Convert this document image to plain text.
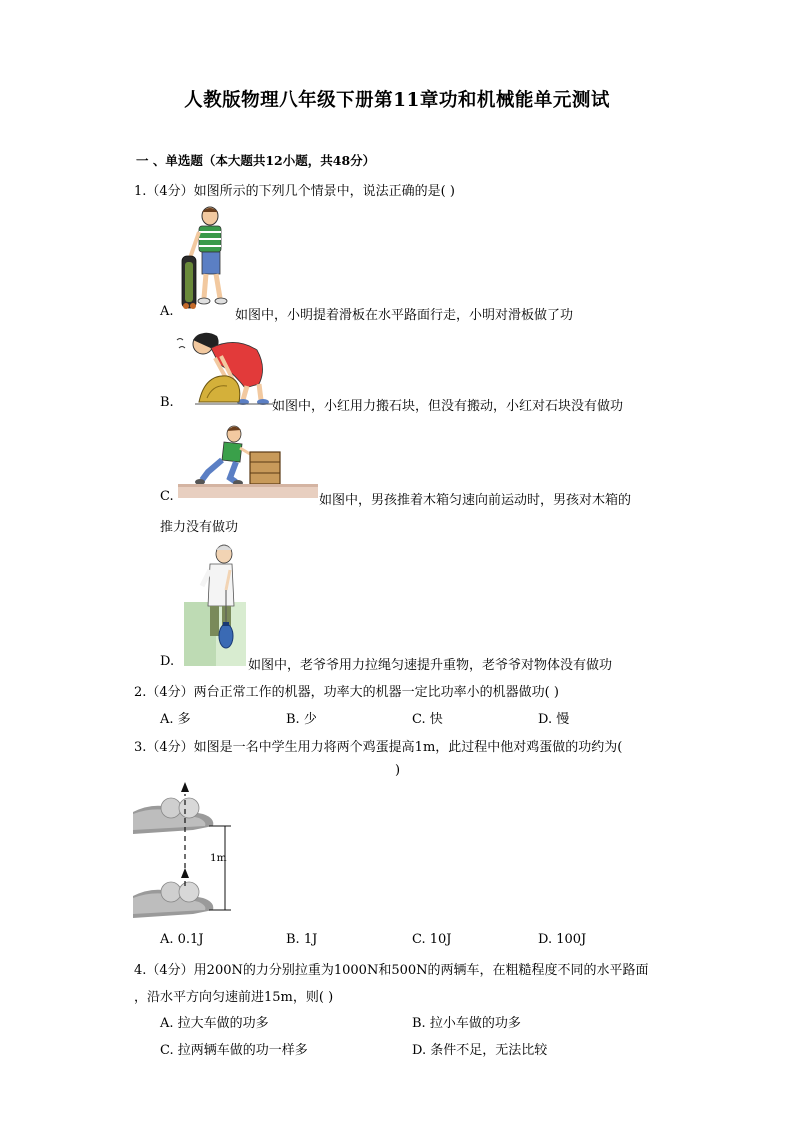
人教版物理八年级下册第11章功和机械能单元测试
一 、单选题（本大题共12小题，共48分）
1.（4分）如图所示的下列几个情景中，说法正确的是( )
A.	如图中，小明提着滑板在水平路面行走，小明对滑板做了功
B.	如图中，小红用力搬石块，但没有搬动，小红对石块没有做功
C.	如图中，男孩推着木箱匀速向前运动时，男孩对木箱的
推力没有做功
D.	如图中，老爷爷用力拉绳匀速提升重物，老爷爷对物体没有做功
2.（4分）两台正常工作的机器，功率大的机器一定比功率小的机器做功( )
A. 多	B. 少	C. 快	D. 慢
3.（4分）如图是一名中学生用力将两个鸡蛋提高1m，此过程中他对鸡蛋做的功约为(
)
1m
A. 0.1J	B. 1J	C. 10J	D. 100J
4.（4分）用200N的力分别拉重为1000N和500N的两辆车，在粗糙程度不同的水平路面
，沿水平方向匀速前进15m，则( )
A. 拉大车做的功多	B. 拉小车做的功多
C. 拉两辆车做的功一样多	D. 条件不足，无法比较
